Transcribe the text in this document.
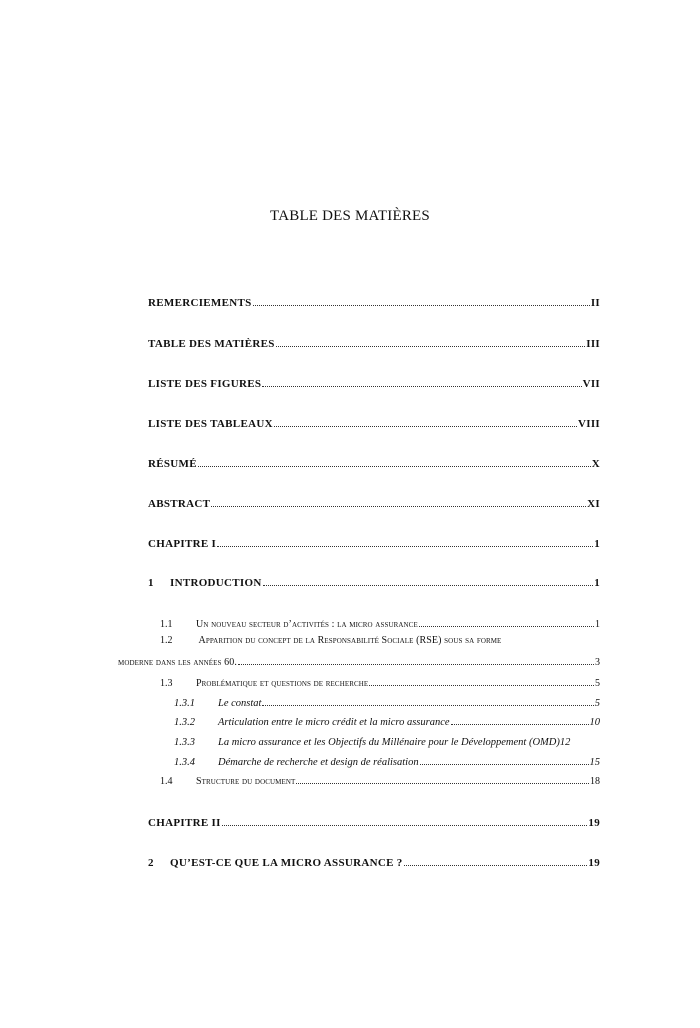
TABLE DES MATIÈRES
REMERCIEMENTS	II
TABLE DES MATIÈRES	III
LISTE DES FIGURES	VII
LISTE DES TABLEAUX	VIII
RÉSUMÉ	X
ABSTRACT	XI
CHAPITRE I	1
1	INTRODUCTION	1
1.1	Un nouveau secteur d’activités : la micro assurance	1
1.2	Apparition du concept de la Responsabilité Sociale (RSE) sous sa forme
moderne dans les années 60.	3
1.3	Problématique et questions de recherche	5
1.3.1	Le constat	5
1.3.2	Articulation entre le micro crédit et la micro assurance	10
1.3.3	La micro assurance et les Objectifs du Millénaire pour le Développement (OMD) 12
1.3.4	Démarche de recherche et design de réalisation	15
1.4	Structure du document	18
CHAPITRE II	19
2	QU’EST-CE QUE LA MICRO ASSURANCE ?	19
